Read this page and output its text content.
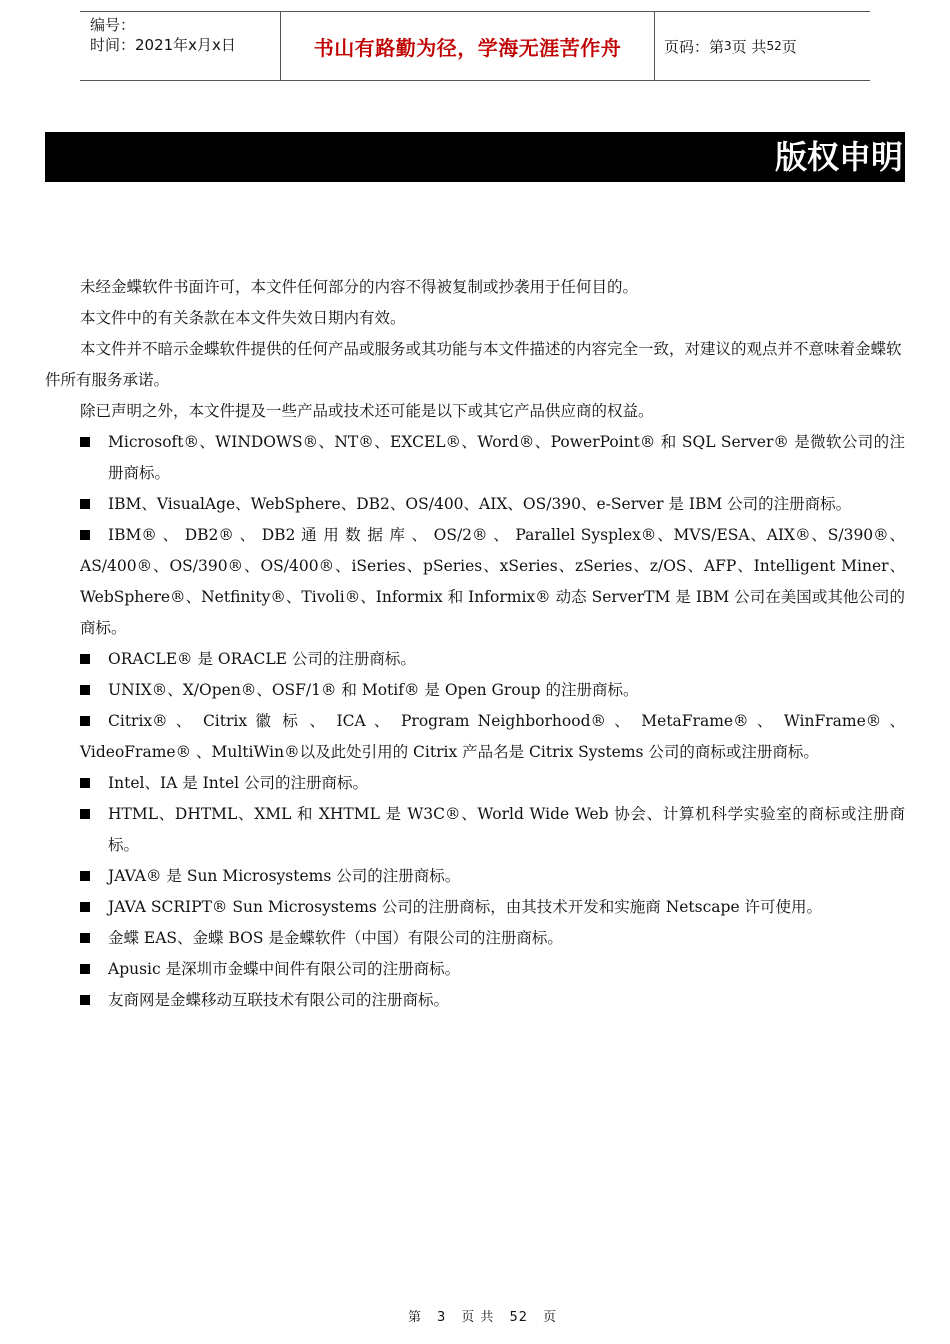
编号：
时间：2021年x月x日	书山有路勤为径，学海无涯苦作舟	页码：第 3 页 共 52 页
版权申明

未经金蝶软件书面许可，本文件任何部分的内容不得被复制或抄袭用于任何目的。

本文件中的有关条款在本文件失效日期内有效。

本文件并不暗示金蝶软件提供的任何产品或服务或其功能与本文件描述的内容完全一致，对建议的观点并不意味着金蝶软件所有服务承诺。

除已声明之外，本文件提及一些产品或技术还可能是以下或其它产品供应商的权益。

Microsoft®、WINDOWS®、NT®、EXCEL®、Word®、PowerPoint® 和 SQL Server® 是微软公司的注册商标。
IBM、VisualAge、WebSphere、DB2、OS/400、AIX、OS/390、e-Server 是 IBM 公司的注册商标。
IBM® 、 DB2® 、 DB2 通 用 数 据 库 、 OS/2® 、 Parallel Sysplex®、MVS/ESA、AIX®、S/390®、AS/400®、OS/390®、OS/400®、iSeries、pSeries、xSeries、zSeries、z/OS、AFP、Intelligent Miner、WebSphere®、Netfinity®、Tivoli®、Informix 和 Informix® 动态 ServerTM 是 IBM 公司在美国或其他公司的商标。
ORACLE® 是 ORACLE 公司的注册商标。
UNIX®、X/Open®、OSF/1® 和 Motif® 是 Open Group 的注册商标。
Citrix® 、 Citrix 徽 标 、 ICA 、 Program Neighborhood® 、 MetaFrame® 、 WinFrame® 、 VideoFrame® 、MultiWin®以及此处引用的 Citrix 产品名是 Citrix Systems 公司的商标或注册商标。
Intel、IA 是 Intel 公司的注册商标。
HTML、DHTML、XML 和 XHTML 是 W3C®、World Wide Web 协会、计算机科学实验室的商标或注册商标。
JAVA® 是 Sun Microsystems 公司的注册商标。
JAVA SCRIPT® Sun Microsystems 公司的注册商标，由其技术开发和实施商 Netscape 许可使用。
金蝶 EAS、金蝶 BOS 是金蝶软件（中国）有限公司的注册商标。
Apusic 是深圳市金蝶中间件有限公司的注册商标。
友商网是金蝶移动互联技术有限公司的注册商标。
第 3 页 共 52 页
